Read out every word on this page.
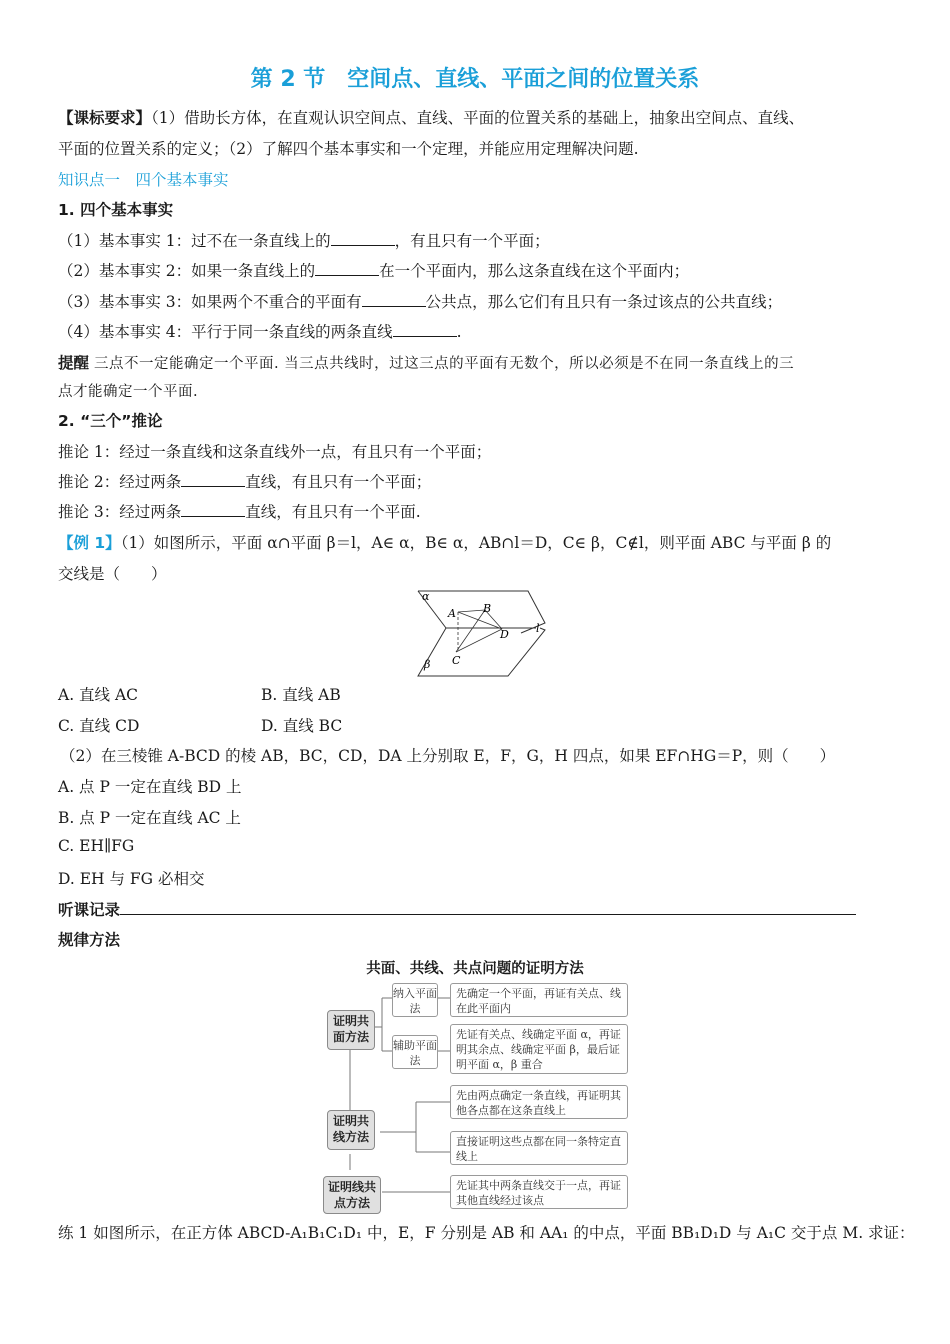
第 2 节　空间点、直线、平面之间的位置关系
【课标要求】（1）借助长方体，在直观认识空间点、直线、平面的位置关系的基础上，抽象出空间点、直线、
平面的位置关系的定义；（2）了解四个基本事实和一个定理，并能应用定理解决问题.
知识点一　四个基本事实
1. 四个基本事实
（1）基本事实 1：过不在一条直线上的	，有且只有一个平面；
（2）基本事实 2：如果一条直线上的	在一个平面内，那么这条直线在这个平面内；
（3）基本事实 3：如果两个不重合的平面有	公共点，那么它们有且只有一条过该点的公共直线；
（4）基本事实 4：平行于同一条直线的两条直线	.
提醒 三点不一定能确定一个平面. 当三点共线时，过这三点的平面有无数个，所以必须是不在同一条直线上的三
点才能确定一个平面.
2. “三个”推论
推论 1：经过一条直线和这条直线外一点，有且只有一个平面；
推论 2：经过两条	直线，有且只有一个平面；
推论 3：经过两条	直线，有且只有一个平面.
【例 1】（1）如图所示，平面 α∩平面 β＝l，A∈ α，B∈ α，AB∩l＝D，C∈ β，C∉l，则平面 ABC 与平面 β 的
交线是（　　）
α
β
A B
C
D l
A. 直线 AC	B. 直线 AB
C. 直线 CD	D. 直线 BC
（2）在三棱锥 A-BCD 的棱 AB，BC，CD，DA 上分别取 E，F，G，H 四点，如果 EF∩HG＝P，则（　　）
A. 点 P 一定在直线 BD 上
B. 点 P 一定在直线 AC 上
C. EH∥FG
D. EH 与 FG 必相交
听课记录
规律方法
共面、共线、共点问题的证明方法
证明共面方法
证明共线方法
证明线共点方法
纳入平面法
辅助平面法
先确定一个平面，再证有关点、线在此平面内
先证有关点、线确定平面 α，再证明其余点、线确定平面 β，最后证明平面 α，β 重合
先由两点确定一条直线，再证明其他各点都在这条直线上
直接证明这些点都在同一条特定直线上
先证其中两条直线交于一点，再证其他直线经过该点
练 1 如图所示，在正方体 ABCD-A₁B₁C₁D₁ 中，E，F 分别是 AB 和 AA₁ 的中点，平面 BB₁D₁D 与 A₁C 交于点 M. 求证：
